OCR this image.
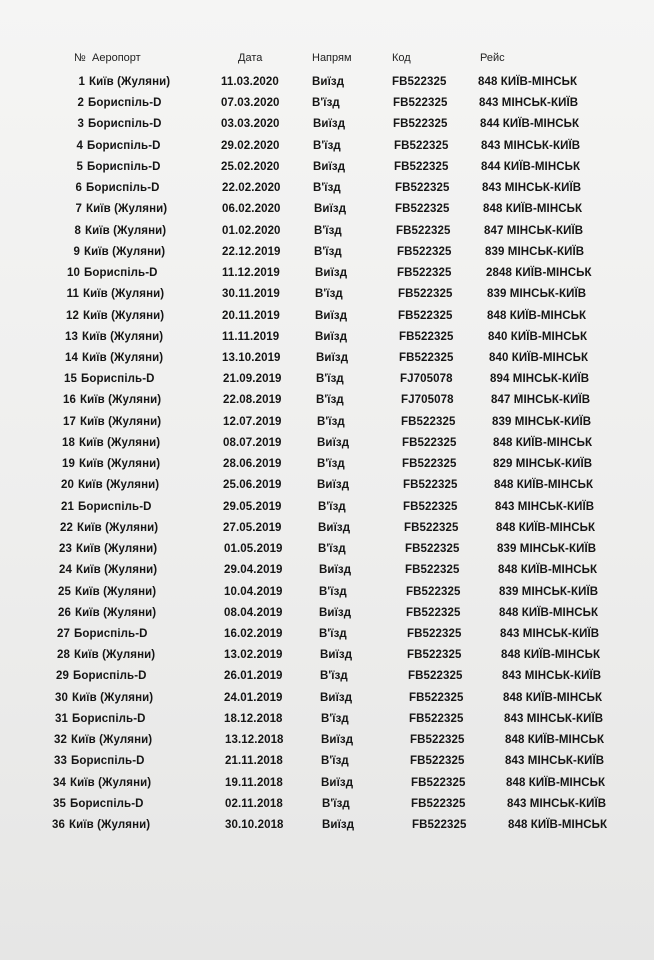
№ Аеропорт	Дата	Напрям	Код	Рейс
1 Київ (Жуляни)	11.03.2020	Виїзд	FB522325	848 КИЇВ-МІНСЬК
2 Бориспіль-D	07.03.2020	В'їзд	FB522325	843 МІНСЬК-КИЇВ
3 Бориспіль-D	03.03.2020	Виїзд	FB522325	844 КИЇВ-МІНСЬК
4 Бориспіль-D	29.02.2020	В'їзд	FB522325	843 МІНСЬК-КИЇВ
5 Бориспіль-D	25.02.2020	Виїзд	FB522325	844 КИЇВ-МІНСЬК
6 Бориспіль-D	22.02.2020	В'їзд	FB522325	843 МІНСЬК-КИЇВ
7 Київ (Жуляни)	06.02.2020	Виїзд	FB522325	848 КИЇВ-МІНСЬК
8 Київ (Жуляни)	01.02.2020	В'їзд	FB522325	847 МІНСЬК-КИЇВ
9 Київ (Жуляни)	22.12.2019	В'їзд	FB522325	839 МІНСЬК-КИЇВ
10 Бориспіль-D	11.12.2019	Виїзд	FB522325	2848 КИЇВ-МІНСЬК
11 Київ (Жуляни)	30.11.2019	В'їзд	FB522325	839 МІНСЬК-КИЇВ
12 Київ (Жуляни)	20.11.2019	Виїзд	FB522325	848 КИЇВ-МІНСЬК
13 Київ (Жуляни)	11.11.2019	Виїзд	FB522325	840 КИЇВ-МІНСЬК
14 Київ (Жуляни)	13.10.2019	Виїзд	FB522325	840 КИЇВ-МІНСЬК
15 Бориспіль-D	21.09.2019	В'їзд	FJ705078	894 МІНСЬК-КИЇВ
16 Київ (Жуляни)	22.08.2019	В'їзд	FJ705078	847 МІНСЬК-КИЇВ
17 Київ (Жуляни)	12.07.2019	В'їзд	FB522325	839 МІНСЬК-КИЇВ
18 Київ (Жуляни)	08.07.2019	Виїзд	FB522325	848 КИЇВ-МІНСЬК
19 Київ (Жуляни)	28.06.2019	В'їзд	FB522325	829 МІНСЬК-КИЇВ
20 Київ (Жуляни)	25.06.2019	Виїзд	FB522325	848 КИЇВ-МІНСЬК
21 Бориспіль-D	29.05.2019	В'їзд	FB522325	843 МІНСЬК-КИЇВ
22 Київ (Жуляни)	27.05.2019	Виїзд	FB522325	848 КИЇВ-МІНСЬК
23 Київ (Жуляни)	01.05.2019	В'їзд	FB522325	839 МІНСЬК-КИЇВ
24 Київ (Жуляни)	29.04.2019	Виїзд	FB522325	848 КИЇВ-МІНСЬК
25 Київ (Жуляни)	10.04.2019	В'їзд	FB522325	839 МІНСЬК-КИЇВ
26 Київ (Жуляни)	08.04.2019	Виїзд	FB522325	848 КИЇВ-МІНСЬК
27 Бориспіль-D	16.02.2019	В'їзд	FB522325	843 МІНСЬК-КИЇВ
28 Київ (Жуляни)	13.02.2019	Виїзд	FB522325	848 КИЇВ-МІНСЬК
29 Бориспіль-D	26.01.2019	В'їзд	FB522325	843 МІНСЬК-КИЇВ
30 Київ (Жуляни)	24.01.2019	Виїзд	FB522325	848 КИЇВ-МІНСЬК
31 Бориспіль-D	18.12.2018	В'їзд	FB522325	843 МІНСЬК-КИЇВ
32 Київ (Жуляни)	13.12.2018	Виїзд	FB522325	848 КИЇВ-МІНСЬК
33 Бориспіль-D	21.11.2018	В'їзд	FB522325	843 МІНСЬК-КИЇВ
34 Київ (Жуляни)	19.11.2018	Виїзд	FB522325	848 КИЇВ-МІНСЬК
35 Бориспіль-D	02.11.2018	В'їзд	FB522325	843 МІНСЬК-КИЇВ
36 Київ (Жуляни)	30.10.2018	Виїзд	FB522325	848 КИЇВ-МІНСЬК
